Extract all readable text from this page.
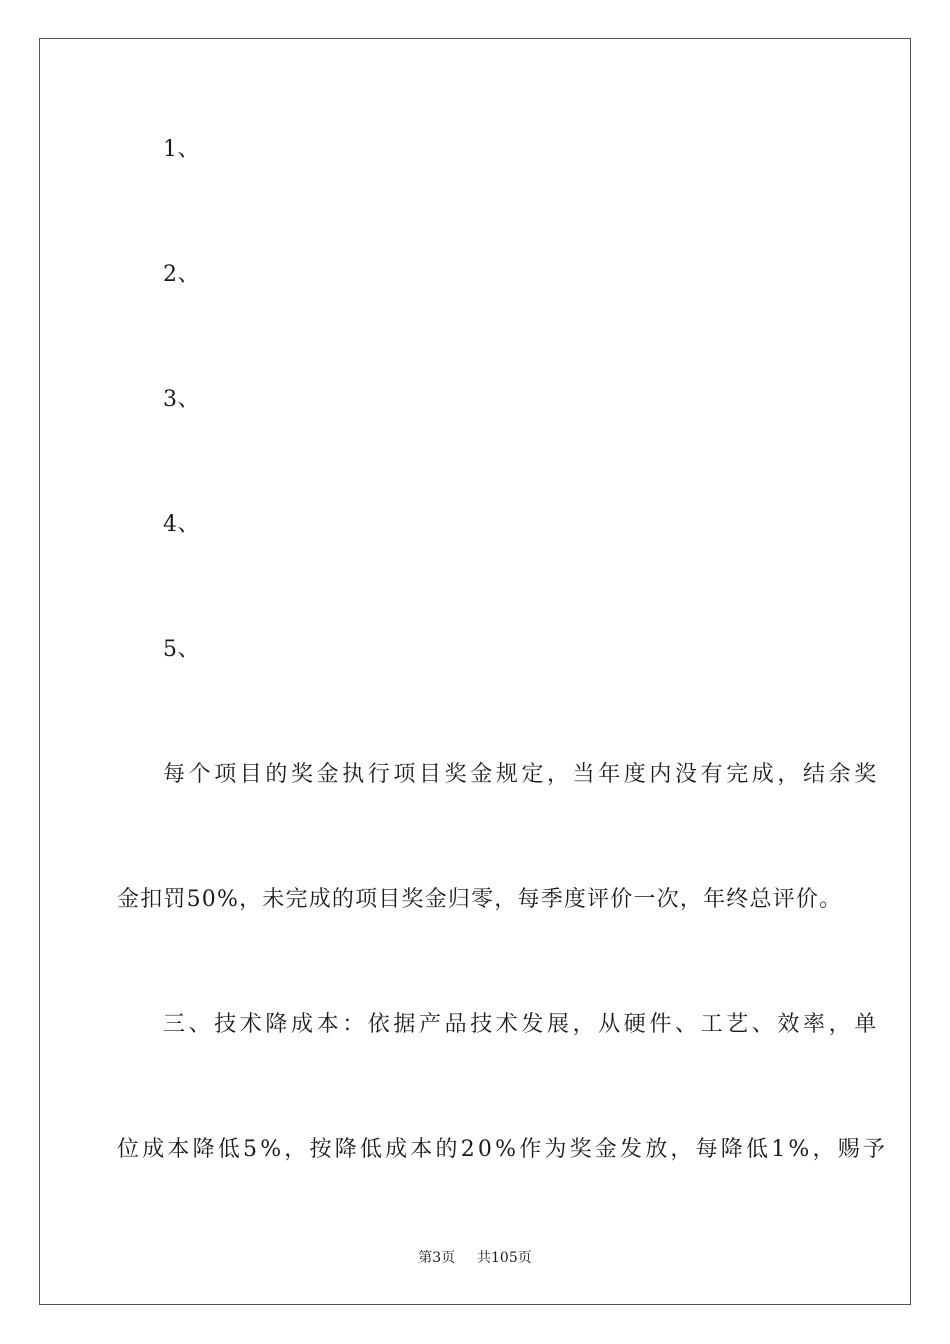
1、
2、
3、
4、
5、
每个项目的奖金执行项目奖金规定，当年度内没有完成，结余奖
金扣罚50%，未完成的项目奖金归零，每季度评价一次，年终总评价。
三、技术降成本：依据产品技术发展，从硬件、工艺、效率，单
位成本降低5%，按降低成本的20%作为奖金发放，每降低1%，赐予
第3页 共105页
